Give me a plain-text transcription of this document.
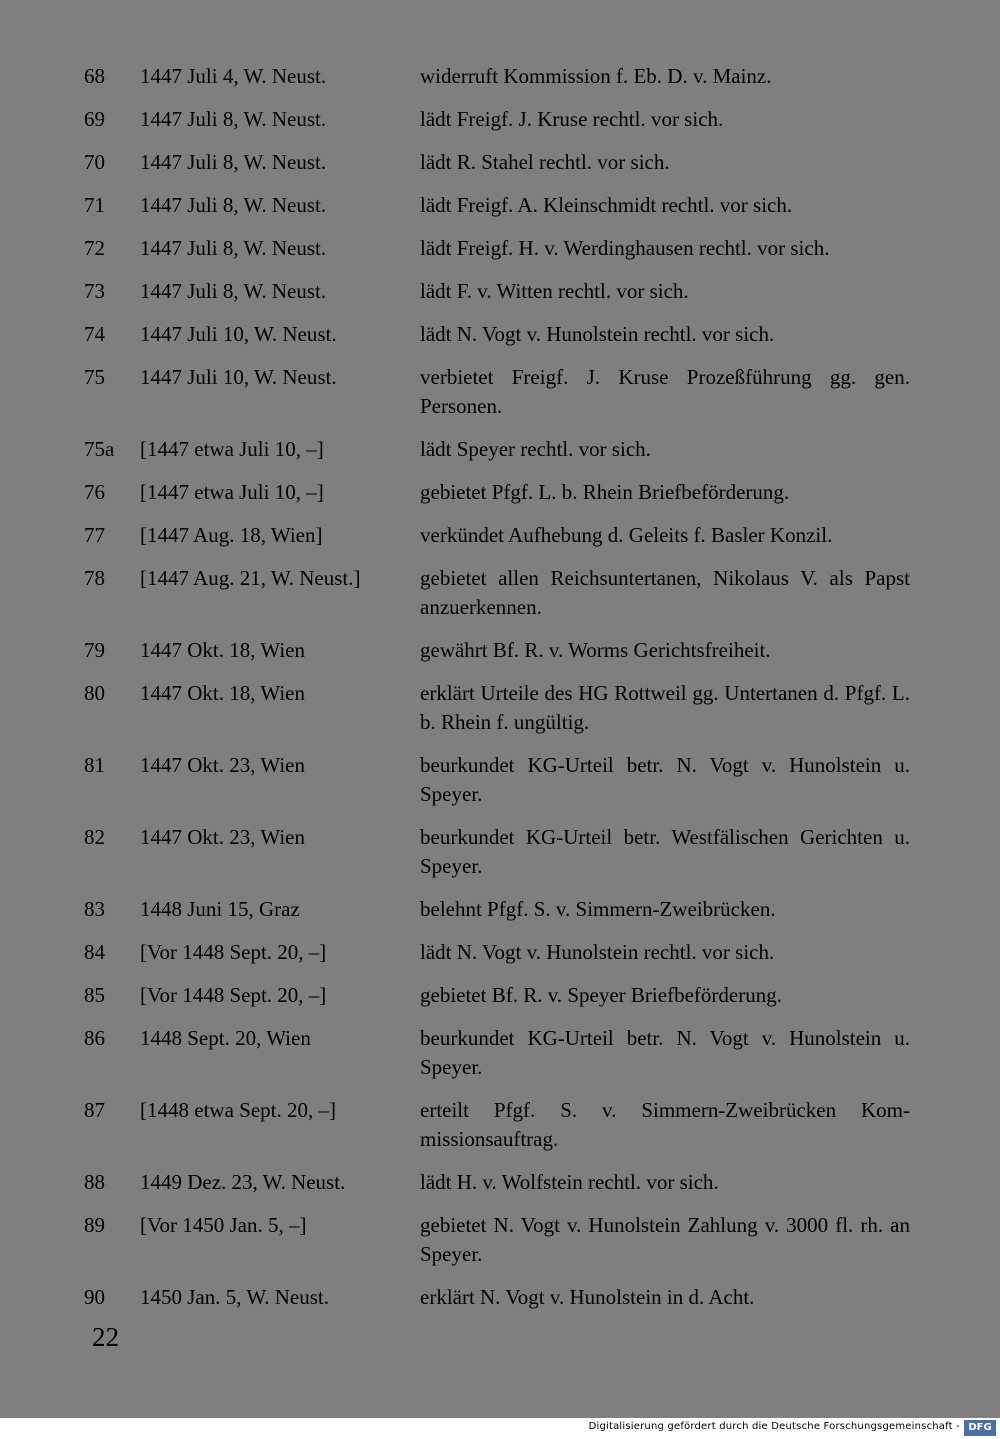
68	1447 Juli 4, W. Neust.	widerruft Kommission f. Eb. D. v. Mainz.
69	1447 Juli 8, W. Neust.	lädt Freigf. J. Kruse rechtl. vor sich.
70	1447 Juli 8, W. Neust.	lädt R. Stahel rechtl. vor sich.
71	1447 Juli 8, W. Neust.	lädt Freigf. A. Kleinschmidt rechtl. vor sich.
72	1447 Juli 8, W. Neust.	lädt Freigf. H. v. Werdinghausen rechtl. vor sich.
73	1447 Juli 8, W. Neust.	lädt F. v. Witten rechtl. vor sich.
74	1447 Juli 10, W. Neust.	lädt N. Vogt v. Hunolstein rechtl. vor sich.
75	1447 Juli 10, W. Neust.	verbietet Freigf. J. Kruse Prozeßführung gg. gen. Personen.
75a	[1447 etwa Juli 10, –]	lädt Speyer rechtl. vor sich.
76	[1447 etwa Juli 10, –]	gebietet Pfgf. L. b. Rhein Briefbeförderung.
77	[1447 Aug. 18, Wien]	verkündet Aufhebung d. Geleits f. Basler Konzil.
78	[1447 Aug. 21, W. Neust.]	gebietet allen Reichsuntertanen, Nikolaus V. als Papst anzuerkennen.
79	1447 Okt. 18, Wien	gewährt Bf. R. v. Worms Gerichtsfreiheit.
80	1447 Okt. 18, Wien	erklärt Urteile des HG Rottweil gg. Untertanen d. Pfgf. L. b. Rhein f. ungültig.
81	1447 Okt. 23, Wien	beurkundet KG-Urteil betr. N. Vogt v. Hunolstein u. Speyer.
82	1447 Okt. 23, Wien	beurkundet KG-Urteil betr. Westfälischen Gerichten u. Speyer.
83	1448 Juni 15, Graz	belehnt Pfgf. S. v. Simmern-Zweibrücken.
84	[Vor 1448 Sept. 20, –]	lädt N. Vogt v. Hunolstein rechtl. vor sich.
85	[Vor 1448 Sept. 20, –]	gebietet Bf. R. v. Speyer Briefbeförderung.
86	1448 Sept. 20, Wien	beurkundet KG-Urteil betr. N. Vogt v. Hunolstein u. Speyer.
87	[1448 etwa Sept. 20, –]	erteilt Pfgf. S. v. Simmern-Zweibrücken Kommissionsauftrag.
88	1449 Dez. 23, W. Neust.	lädt H. v. Wolfstein rechtl. vor sich.
89	[Vor 1450 Jan. 5, –]	gebietet N. Vogt v. Hunolstein Zahlung v. 3000 fl. rh. an Speyer.
90	1450 Jan. 5, W. Neust.	erklärt N. Vogt v. Hunolstein in d. Acht.
22
Digitalisierung gefördert durch die Deutsche Forschungsgemeinschaft - DFG
